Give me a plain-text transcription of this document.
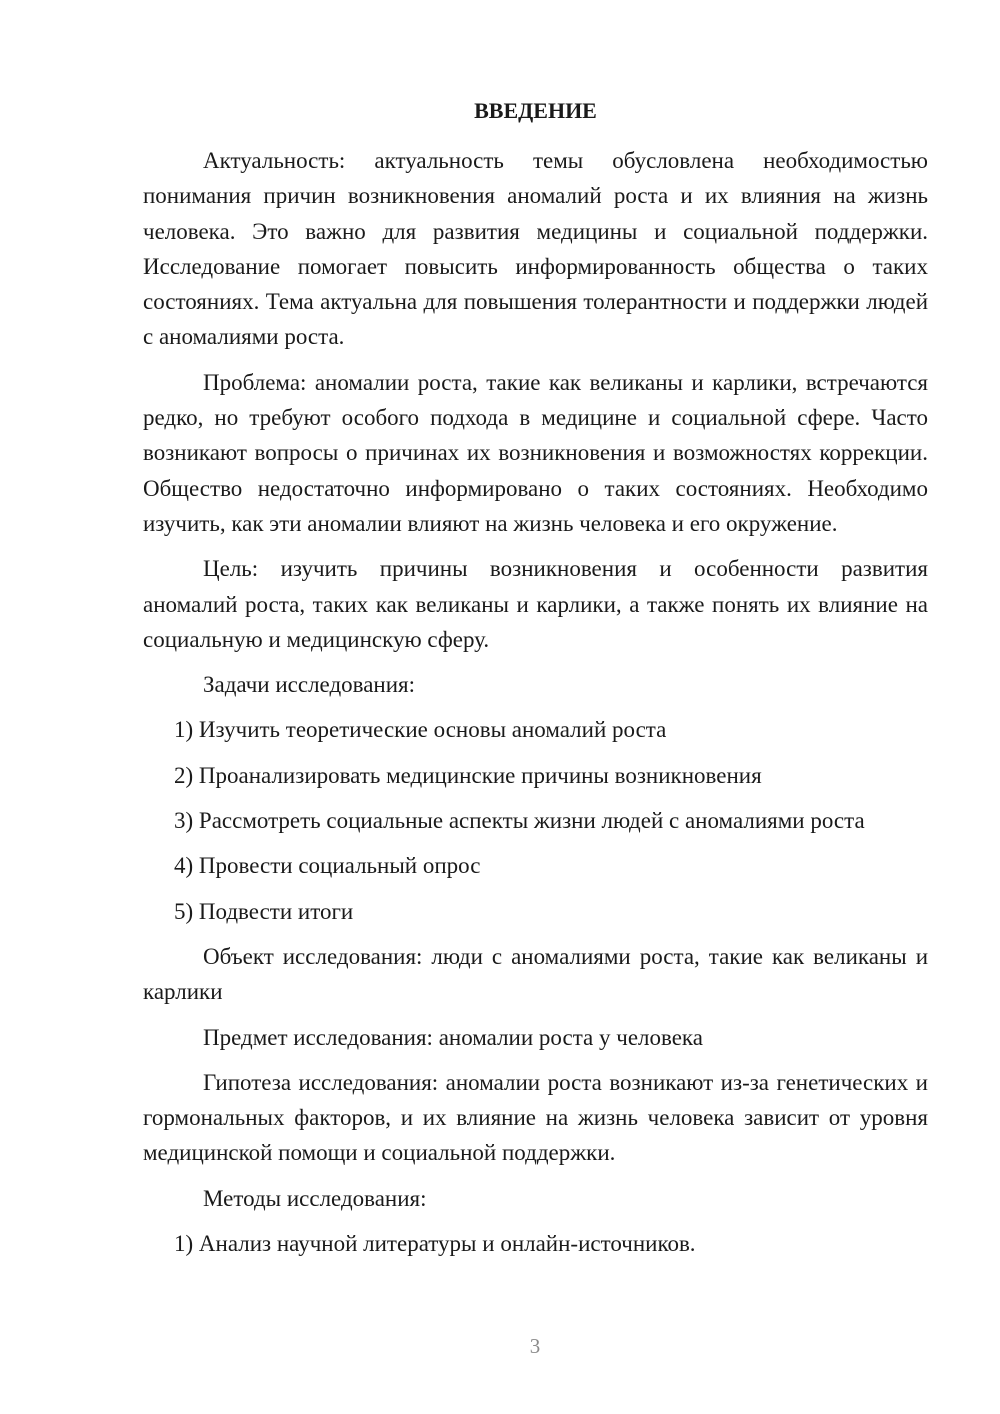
ВВЕДЕНИЕ

Актуальность: актуальность темы обусловлена необходимостью понимания причин возникновения аномалий роста и их влияния на жизнь человека. Это важно для развития медицины и социальной поддержки. Исследование помогает повысить информированность общества о таких состояниях. Тема актуальна для повышения толерантности и поддержки людей с аномалиями роста.

Проблема: аномалии роста, такие как великаны и карлики, встречаются редко, но требуют особого подхода в медицине и социальной сфере. Часто возникают вопросы о причинах их возникновения и возможностях коррекции. Общество недостаточно информировано о таких состояниях. Необходимо изучить, как эти аномалии влияют на жизнь человека и его окружение.

Цель: изучить причины возникновения и особенности развития аномалий роста, таких как великаны и карлики, а также понять их влияние на социальную и медицинскую сферу.

Задачи исследования:

1) Изучить теоретические основы аномалий роста
2) Проанализировать медицинские причины возникновения
3) Рассмотреть социальные аспекты жизни людей с аномалиями роста
4) Провести социальный опрос
5) Подвести итоги

Объект исследования: люди с аномалиями роста, такие как великаны и карлики

Предмет исследования: аномалии роста у человека

Гипотеза исследования: аномалии роста возникают из-за генетических и гормональных факторов, и их влияние на жизнь человека зависит от уровня медицинской помощи и социальной поддержки.

Методы исследования:

1) Анализ научной литературы и онлайн-источников.
3
